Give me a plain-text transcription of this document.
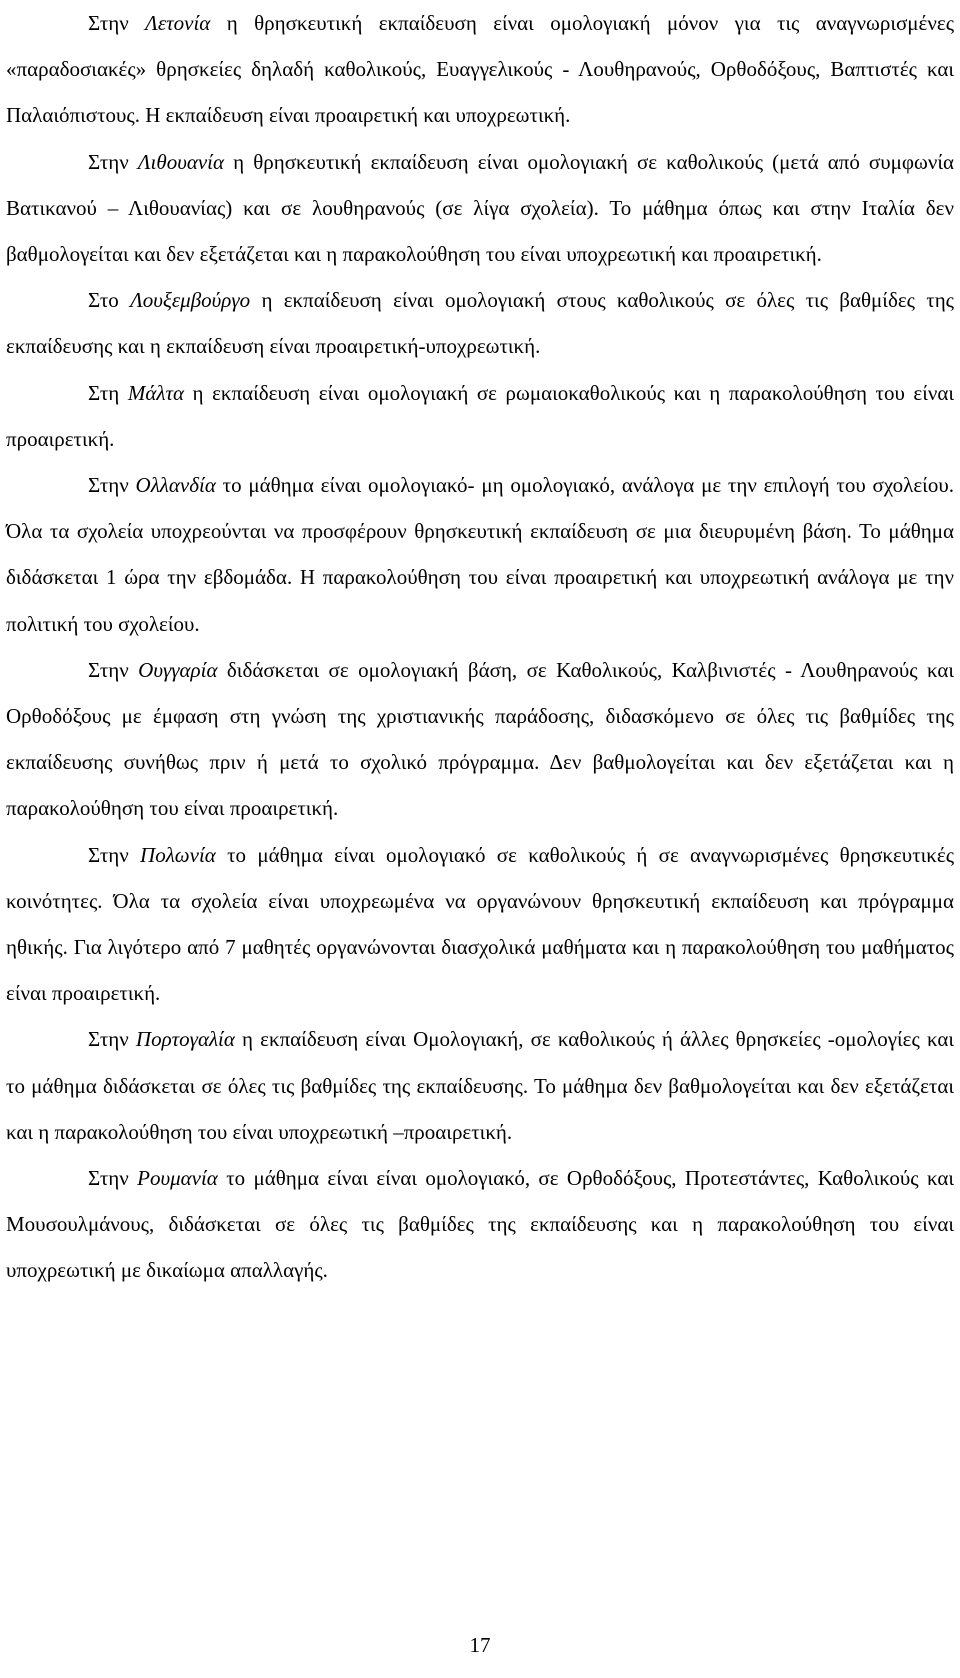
Στην Λετονία η θρησκευτική εκπαίδευση είναι ομολογιακή μόνον για τις αναγνωρισμένες «παραδοσιακές» θρησκείες δηλαδή καθολικούς, Ευαγγελικούς - Λουθηρανούς, Ορθοδόξους, Βαπτιστές και Παλαιόπιστους. Η εκπαίδευση είναι προαιρετική και υποχρεωτική.

Στην Λιθουανία η θρησκευτική εκπαίδευση είναι ομολογιακή σε καθολικούς (μετά από συμφωνία Βατικανού – Λιθουανίας) και σε λουθηρανούς (σε λίγα σχολεία). Το μάθημα όπως και στην Ιταλία δεν βαθμολογείται και δεν εξετάζεται και η παρακολούθηση του είναι υποχρεωτική και προαιρετική.

Στο Λουξεμβούργο η εκπαίδευση είναι ομολογιακή στους καθολικούς σε όλες τις βαθμίδες της εκπαίδευσης και η εκπαίδευση είναι προαιρετική-υποχρεωτική.

Στη Μάλτα η εκπαίδευση είναι ομολογιακή σε ρωμαιοκαθολικούς και η παρακολούθηση του είναι προαιρετική.

Στην Ολλανδία το μάθημα είναι ομολογιακό- μη ομολογιακό, ανάλογα με την επιλογή του σχολείου. Όλα τα σχολεία υποχρεούνται να προσφέρουν θρησκευτική εκπαίδευση σε μια διευρυμένη βάση. Το μάθημα διδάσκεται 1 ώρα την εβδομάδα. Η παρακολούθηση του είναι προαιρετική και υποχρεωτική ανάλογα με την πολιτική του σχολείου.

Στην Ουγγαρία διδάσκεται σε ομολογιακή βάση, σε Καθολικούς, Καλβινιστές - Λουθηρανούς και Ορθοδόξους με έμφαση στη γνώση της χριστιανικής παράδοσης, διδασκόμενο σε όλες τις βαθμίδες της εκπαίδευσης συνήθως πριν ή μετά το σχολικό πρόγραμμα. Δεν βαθμολογείται και δεν εξετάζεται και η παρακολούθηση του είναι προαιρετική.

Στην Πολωνία το μάθημα είναι ομολογιακό σε καθολικούς ή σε αναγνωρισμένες θρησκευτικές κοινότητες. Όλα τα σχολεία είναι υποχρεωμένα να οργανώνουν θρησκευτική εκπαίδευση και πρόγραμμα ηθικής. Για λιγότερο από 7 μαθητές οργανώνονται διασχολικά μαθήματα και η παρακολούθηση του μαθήματος είναι προαιρετική.

Στην Πορτογαλία η εκπαίδευση είναι Ομολογιακή, σε καθολικούς ή άλλες θρησκείες -ομολογίες και το μάθημα διδάσκεται σε όλες τις βαθμίδες της εκπαίδευσης. Το μάθημα δεν βαθμολογείται και δεν εξετάζεται και η παρακολούθηση του είναι υποχρεωτική –προαιρετική.

Στην Ρουμανία το μάθημα είναι είναι ομολογιακό, σε Ορθοδόξους, Προτεστάντες, Καθολικούς και Μουσουλμάνους, διδάσκεται σε όλες τις βαθμίδες της εκπαίδευσης και η παρακολούθηση του είναι υποχρεωτική με δικαίωμα απαλλαγής.

17
